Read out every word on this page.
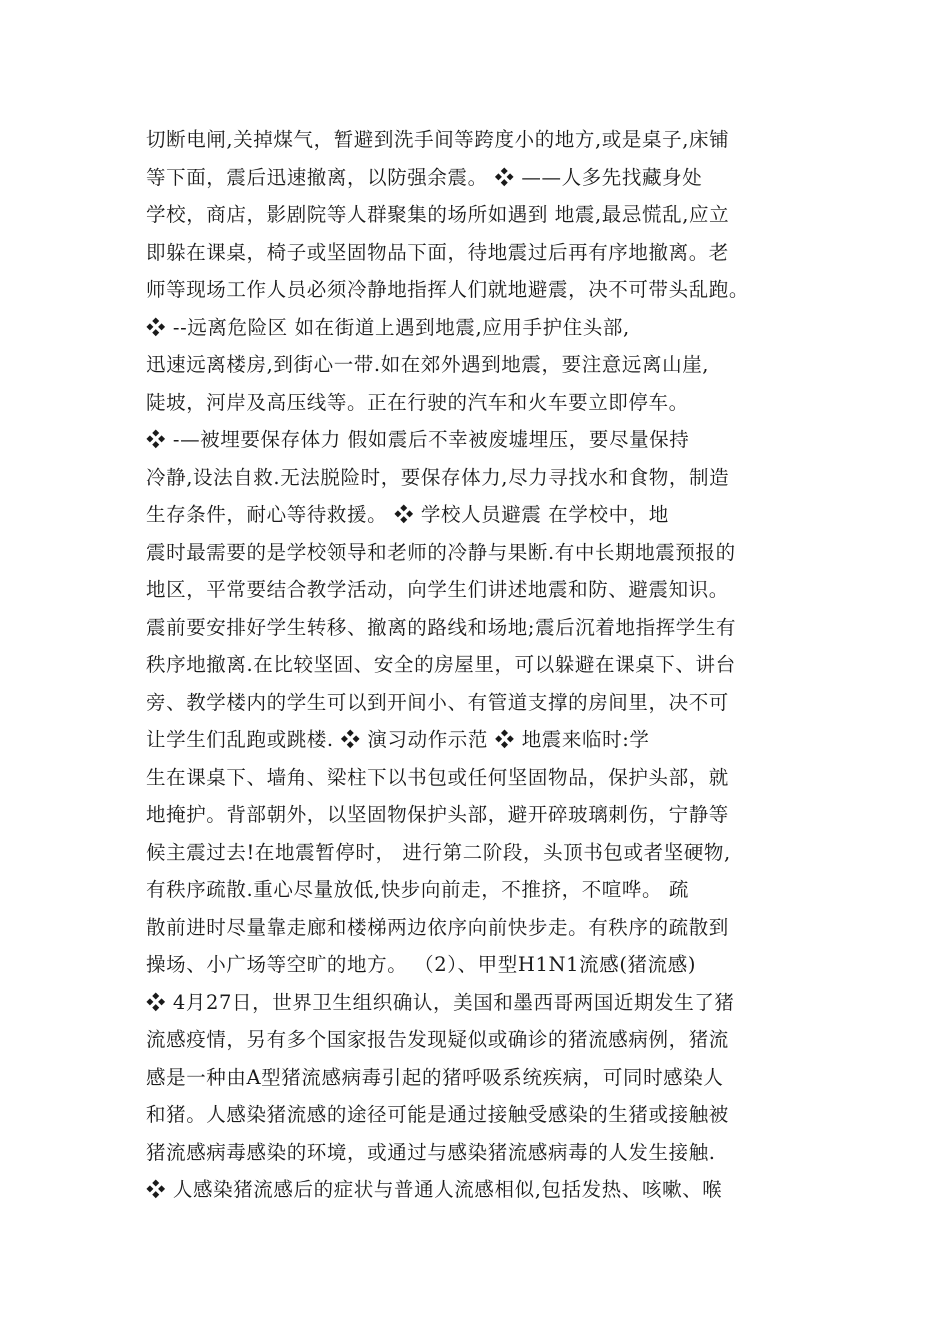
切断电闸,关掉煤气，暂避到洗手间等跨度小的地方,或是桌子,床铺
等下面，震后迅速撤离，以防强余震。 ❖ ——人多先找藏身处
学校，商店，影剧院等人群聚集的场所如遇到 地震,最忌慌乱,应立
即躲在课桌，椅子或坚固物品下面，待地震过后再有序地撤离。老
师等现场工作人员必须冷静地指挥人们就地避震，决不可带头乱跑。
❖ --远离危险区 如在街道上遇到地震,应用手护住头部,
迅速远离楼房,到街心一带.如在郊外遇到地震，要注意远离山崖,
陡坡，河岸及高压线等。正在行驶的汽车和火车要立即停车。
❖ -—被埋要保存体力 假如震后不幸被废墟埋压，要尽量保持
冷静,设法自救.无法脱险时，要保存体力,尽力寻找水和食物，制造
生存条件，耐心等待救援。 ❖ 学校人员避震 在学校中，地
震时最需要的是学校领导和老师的冷静与果断.有中长期地震预报的
地区，平常要结合教学活动，向学生们讲述地震和防、避震知识。
震前要安排好学生转移、撤离的路线和场地;震后沉着地指挥学生有
秩序地撤离.在比较坚固、安全的房屋里，可以躲避在课桌下、讲台
旁、教学楼内的学生可以到开间小、有管道支撑的房间里，决不可
让学生们乱跑或跳楼. ❖ 演习动作示范 ❖ 地震来临时:学
生在课桌下、墙角、梁柱下以书包或任何坚固物品，保护头部，就
地掩护。背部朝外，以坚固物保护头部，避开碎玻璃刺伤，宁静等
候主震过去!在地震暂停时， 进行第二阶段，头顶书包或者坚硬物,
有秩序疏散.重心尽量放低,快步向前走，不推挤，不喧哗。 疏
散前进时尽量靠走廊和楼梯两边依序向前快步走。有秩序的疏散到
操场、小广场等空旷的地方。 （2）、甲型H1N1流感(猪流感)
❖ 4月27日，世界卫生组织确认，美国和墨西哥两国近期发生了猪
流感疫情，另有多个国家报告发现疑似或确诊的猪流感病例，猪流
感是一种由A型猪流感病毒引起的猪呼吸系统疾病，可同时感染人
和猪。人感染猪流感的途径可能是通过接触受感染的生猪或接触被
猪流感病毒感染的环境，或通过与感染猪流感病毒的人发生接触.
❖ 人感染猪流感后的症状与普通人流感相似,包括发热、咳嗽、喉
